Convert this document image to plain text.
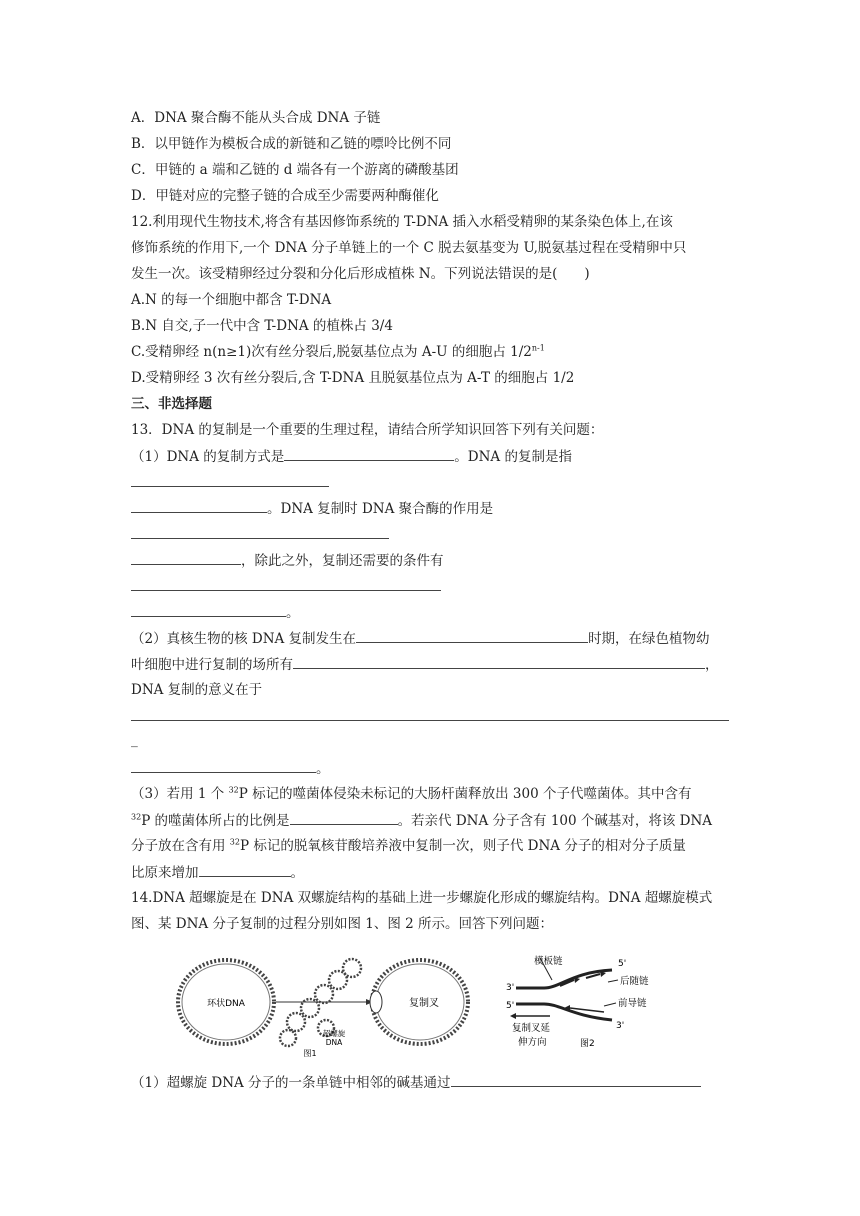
A．DNA 聚合酶不能从头合成 DNA 子链
B．以甲链作为模板合成的新链和乙链的嘌呤比例不同
C．甲链的 a 端和乙链的 d 端各有一个游离的磷酸基团
D．甲链对应的完整子链的合成至少需要两种酶催化
12.利用现代生物技术,将含有基因修饰系统的 T-DNA 插入水稻受精卵的某条染色体上,在该
修饰系统的作用下,一个 DNA 分子单链上的一个 C 脱去氨基变为 U,脱氨基过程在受精卵中只
发生一次。该受精卵经过分裂和分化后形成植株 N。下列说法错误的是(　　)
A.N 的每一个细胞中都含 T-DNA
B.N 自交,子一代中含 T-DNA 的植株占 3/4
C.受精卵经 n(n≥1)次有丝分裂后,脱氨基位点为 A-U 的细胞占 1/2$^{n-1}$
D.受精卵经 3 次有丝分裂后,含 T-DNA 且脱氨基位点为 A-T 的细胞占 1/2
三、非选择题
13．DNA 的复制是一个重要的生理过程，请结合所学知识回答下列有关问题：
（1）DNA 的复制方式是	。DNA 的复制是指
。DNA 复制时 DNA 聚合酶的作用是
，除此之外，复制还需要的条件有
。
（2）真核生物的核 DNA 复制发生在	时期，在绿色植物幼
叶细胞中进行复制的场所有	，
DNA 复制的意义在于
_
。
（3）若用 1 个 $^{32}$P 标记的噬菌体侵染未标记的大肠杆菌释放出 300 个子代噬菌体。其中含有
$^{32}$P 的噬菌体所占的比例是	。若亲代 DNA 分子含有 100 个碱基对，将该 DNA
分子放在含有用 $^{32}$P 标记的脱氧核苷酸培养液中复制一次，则子代 DNA 分子的相对分子质量
比原来增加	。
14.DNA 超螺旋是在 DNA 双螺旋结构的基础上进一步螺旋化形成的螺旋结构。DNA 超螺旋模式
图、某 DNA 分子复制的过程分别如图 1、图 2 所示。回答下列问题：
环状DNA
超螺旋
DNA
图1
复制叉
模板链	5'
3'
5'
后随链
前导链
3'
复制叉延
伸方向	图2
（1）超螺旋 DNA 分子的一条单链中相邻的碱基通过
